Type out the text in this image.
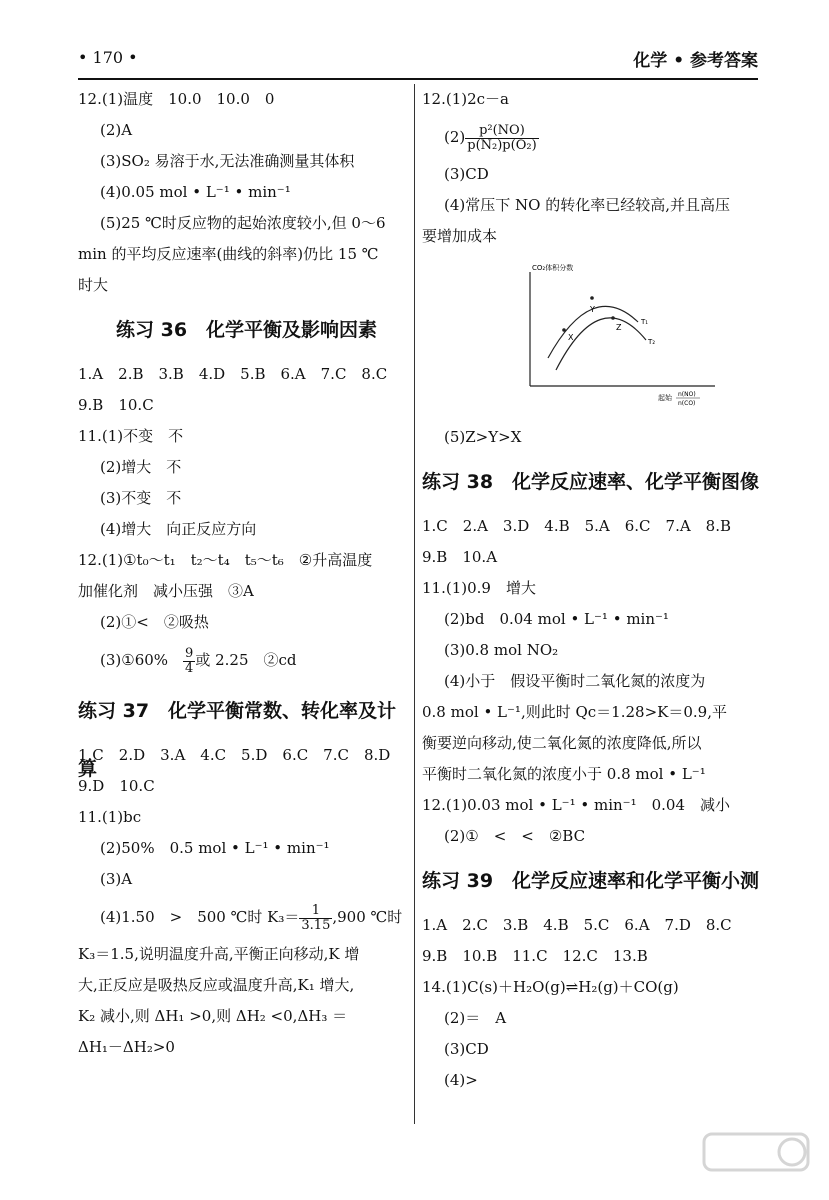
• 170 •	化学 • 参考答案
12.(1)温度　10.0　10.0　0
(2)A
(3)SO₂ 易溶于水,无法准确测量其体积
(4)0.05 mol • L⁻¹ • min⁻¹
(5)25 ℃时反应物的起始浓度较小,但 0～6
min 的平均反应速率(曲线的斜率)仍比 15 ℃
时大
练习 36　化学平衡及影响因素
1.A　2.B　3.B　4.D　5.B　6.A　7.C　8.C
9.B　10.C
11.(1)不变　不
(2)增大　不
(3)不变　不
(4)增大　向正反应方向
12.(1)①t₀～t₁　t₂～t₄　t₅～t₆　②升高温度
加催化剂　减小压强　③A
(2)①<　②吸热
(3)①60%　 $\frac{9}{4}$ 或 2.25　②cd
练习 37　化学平衡常数、转化率及计算
1.C　2.D　3.A　4.C　5.D　6.C　7.C　8.D
9.D　10.C
11.(1)bc
(2)50%　0.5 mol • L⁻¹ • min⁻¹
(3)A
(4)1.50　>　500 ℃时 $K_3= \frac{1}{3.15} ,900$ ℃时
K₃＝1.5,说明温度升高,平衡正向移动,K 增
大,正反应是吸热反应或温度升高,K₁ 增大,
K₂ 减小,则 ΔH₁ >0,则 ΔH₂ <0,ΔH₃ ＝
ΔH₁－ΔH₂>0
12.(1)2c－a
$(2) \frac{\text{p²(NO)}}{\text{p(N₂)p(O₂)}}$
(3)CD
(4)常压下 NO 的转化率已经较高,并且高压
要增加成本
CO₂体积分数
X
Y
Z
T₁
T₂
起始 n(NO)
n(CO)
(5)Z>Y>X
练习 38　化学反应速率、化学平衡图像
1.C　2.A　3.D　4.B　5.A　6.C　7.A　8.B
9.B　10.A
11.(1)0.9　增大
(2)bd　0.04 mol • L⁻¹ • min⁻¹
(3)0.8 mol NO₂
(4)小于　假设平衡时二氧化氮的浓度为
0.8 mol • L⁻¹,则此时 Qc＝1.28>K＝0.9,平
衡要逆向移动,使二氧化氮的浓度降低,所以
平衡时二氧化氮的浓度小于 0.8 mol • L⁻¹
12.(1)0.03 mol • L⁻¹ • min⁻¹　0.04　减小
(2)①　<　<　②BC
练习 39　化学反应速率和化学平衡小测
1.A　2.C　3.B　4.B　5.C　6.A　7.D　8.C
9.B　10.B　11.C　12.C　13.B
14.(1)C(s)＋H₂O(g)⇌H₂(g)＋CO(g)
(2)＝　A
(3)CD
(4)>
